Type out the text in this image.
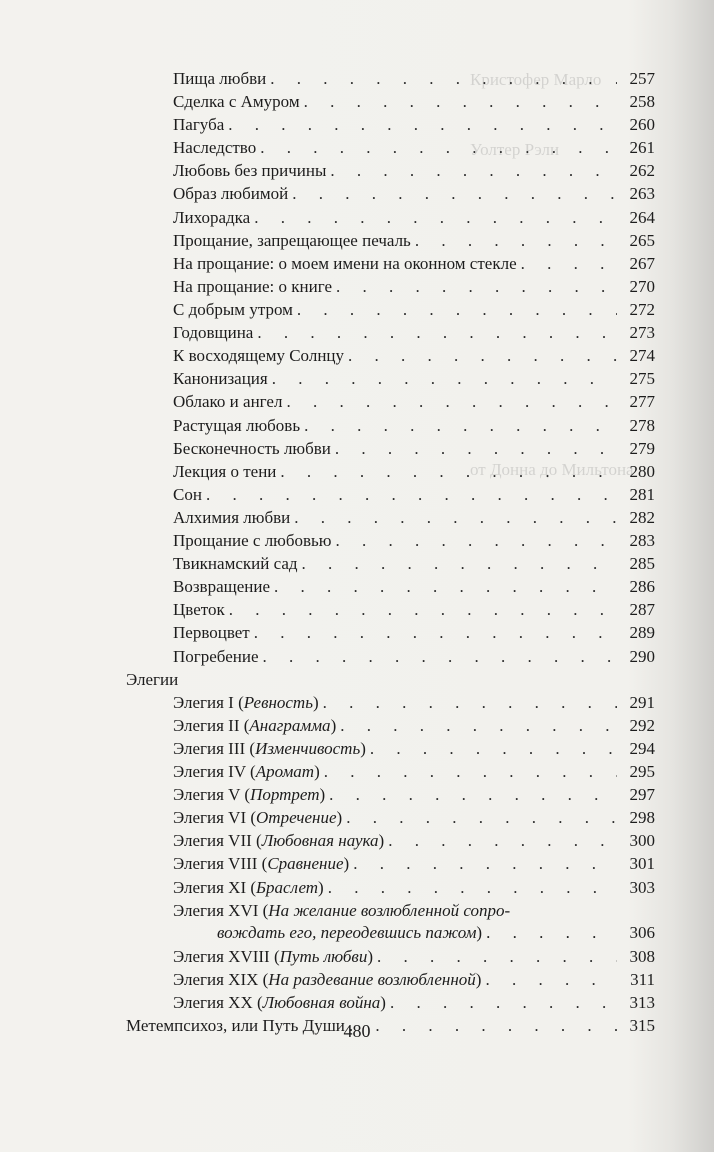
Кристофер Марло
Уолтер Рэли
от Донна до Мильтона
Пища любви . . .	257
Сделка с Амуром . . .	258
Пагуба . . .	260
Наследство . . .	261
Любовь без причины . . .	262
Образ любимой . . .	263
Лихорадка . . .	264
Прощание, запрещающее печаль . . .	265
На прощание: о моем имени на оконном стекле . . .	267
На прощание: о книге . . .	270
С добрым утром . . .	272
Годовщина . . .	273
К восходящему Солнцу . . .	274
Канонизация . . .	275
Облако и ангел . . .	277
Растущая любовь . . .	278
Бесконечность любви . . .	279
Лекция о тени . . .	280
Сон . . .	281
Алхимия любви . . .	282
Прощание с любовью . . .	283
Твикнамский сад . . .	285
Возвращение . . .	286
Цветок . . .	287
Первоцвет . . .	289
Погребение . . .	290
Элегии
Элегия I (Ревность) . . .	291
Элегия II (Анаграмма) . . .	292
Элегия III (Изменчивость) . . .	294
Элегия IV (Аромат) . . .	295
Элегия V (Портрет) . . .	297
Элегия VI (Отречение) . . .	298
Элегия VII (Любовная наука) . . .	300
Элегия VIII (Сравнение) . . .	301
Элегия XI (Браслет) . . .	303
Элегия XVI (На желание возлюбленной сопро-
вождать его, переодевшись пажом) . . .	306
Элегия XVIII (Путь любви) . . .	308
Элегия XIX (На раздевание возлюбленной) . . .	311
Элегия XX (Любовная война) . . .	313
Метемпсихоз, или Путь Души . . .	315
480
